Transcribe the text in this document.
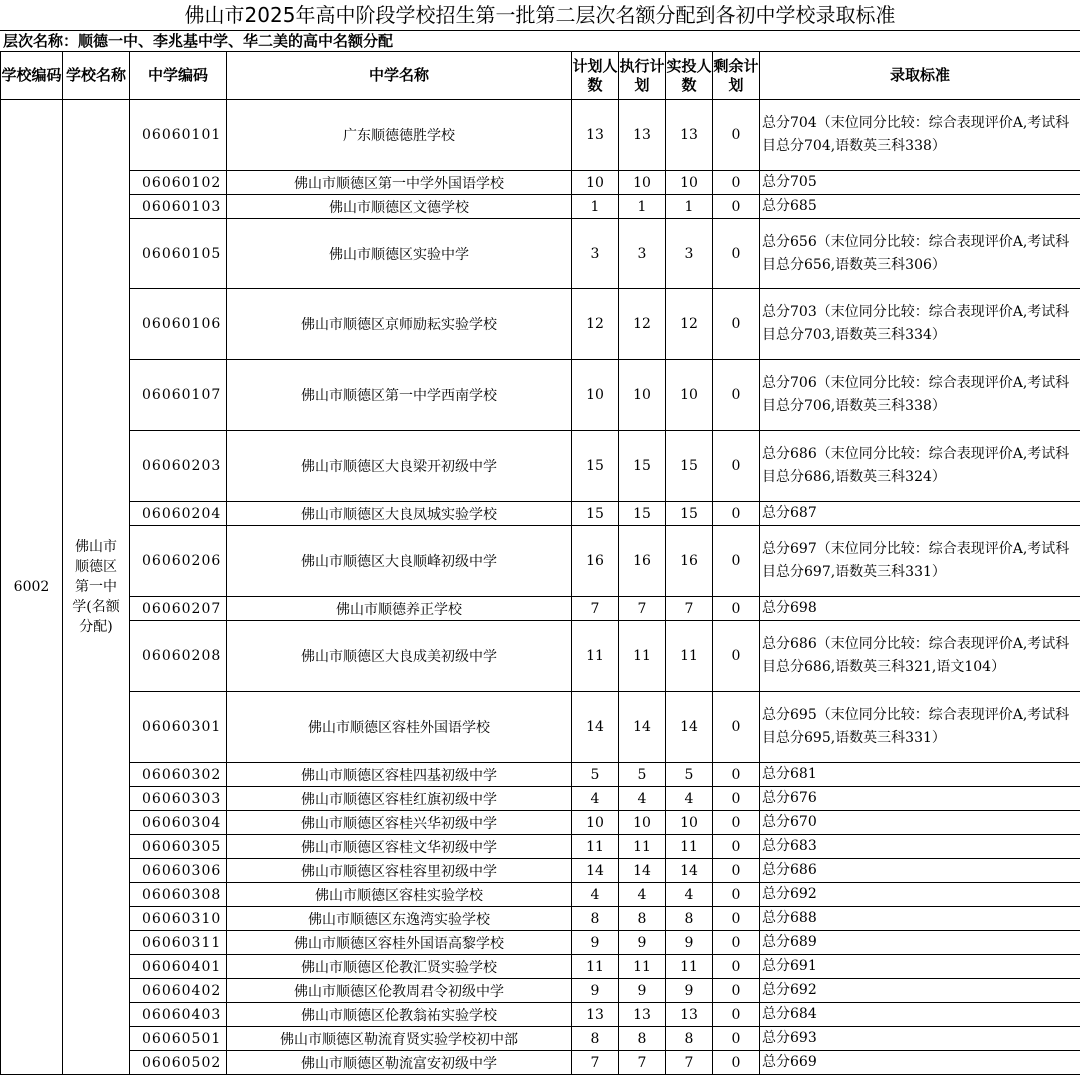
佛山市2025年高中阶段学校招生第一批第二层次名额分配到各初中学校录取标准
层次名称：顺德一中、李兆基中学、华二美的高中名额分配
学校编码	学校名称	中学编码	中学名称	计划人数	执行计划	实投人数	剩余计划	录取标准
6002	佛山市顺德区第一中学(名额分配)	06060101	广东顺德德胜学校	13	13	13	0	总分704（末位同分比较：综合表现评价A,考试科目总分704,语数英三科338）
		06060102	佛山市顺德区第一中学外国语学校	10	10	10	0	总分705
		06060103	佛山市顺德区文德学校	1	1	1	0	总分685
		06060105	佛山市顺德区实验中学	3	3	3	0	总分656（末位同分比较：综合表现评价A,考试科目总分656,语数英三科306）
		06060106	佛山市顺德区京师励耘实验学校	12	12	12	0	总分703（末位同分比较：综合表现评价A,考试科目总分703,语数英三科334）
		06060107	佛山市顺德区第一中学西南学校	10	10	10	0	总分706（末位同分比较：综合表现评价A,考试科目总分706,语数英三科338）
		06060203	佛山市顺德区大良梁开初级中学	15	15	15	0	总分686（末位同分比较：综合表现评价A,考试科目总分686,语数英三科324）
		06060204	佛山市顺德区大良凤城实验学校	15	15	15	0	总分687
		06060206	佛山市顺德区大良顺峰初级中学	16	16	16	0	总分697（末位同分比较：综合表现评价A,考试科目总分697,语数英三科331）
		06060207	佛山市顺德养正学校	7	7	7	0	总分698
		06060208	佛山市顺德区大良成美初级中学	11	11	11	0	总分686（末位同分比较：综合表现评价A,考试科目总分686,语数英三科321,语文104）
		06060301	佛山市顺德区容桂外国语学校	14	14	14	0	总分695（末位同分比较：综合表现评价A,考试科目总分695,语数英三科331）
		06060302	佛山市顺德区容桂四基初级中学	5	5	5	0	总分681
		06060303	佛山市顺德区容桂红旗初级中学	4	4	4	0	总分676
		06060304	佛山市顺德区容桂兴华初级中学	10	10	10	0	总分670
		06060305	佛山市顺德区容桂文华初级中学	11	11	11	0	总分683
		06060306	佛山市顺德区容桂容里初级中学	14	14	14	0	总分686
		06060308	佛山市顺德区容桂实验学校	4	4	4	0	总分692
		06060310	佛山市顺德区东逸湾实验学校	8	8	8	0	总分688
		06060311	佛山市顺德区容桂外国语高黎学校	9	9	9	0	总分689
		06060401	佛山市顺德区伦教汇贤实验学校	11	11	11	0	总分691
		06060402	佛山市顺德区伦教周君令初级中学	9	9	9	0	总分692
		06060403	佛山市顺德区伦教翁祐实验学校	13	13	13	0	总分684
		06060501	佛山市顺德区勒流育贤实验学校初中部	8	8	8	0	总分693
		06060502	佛山市顺德区勒流富安初级中学	7	7	7	0	总分669
